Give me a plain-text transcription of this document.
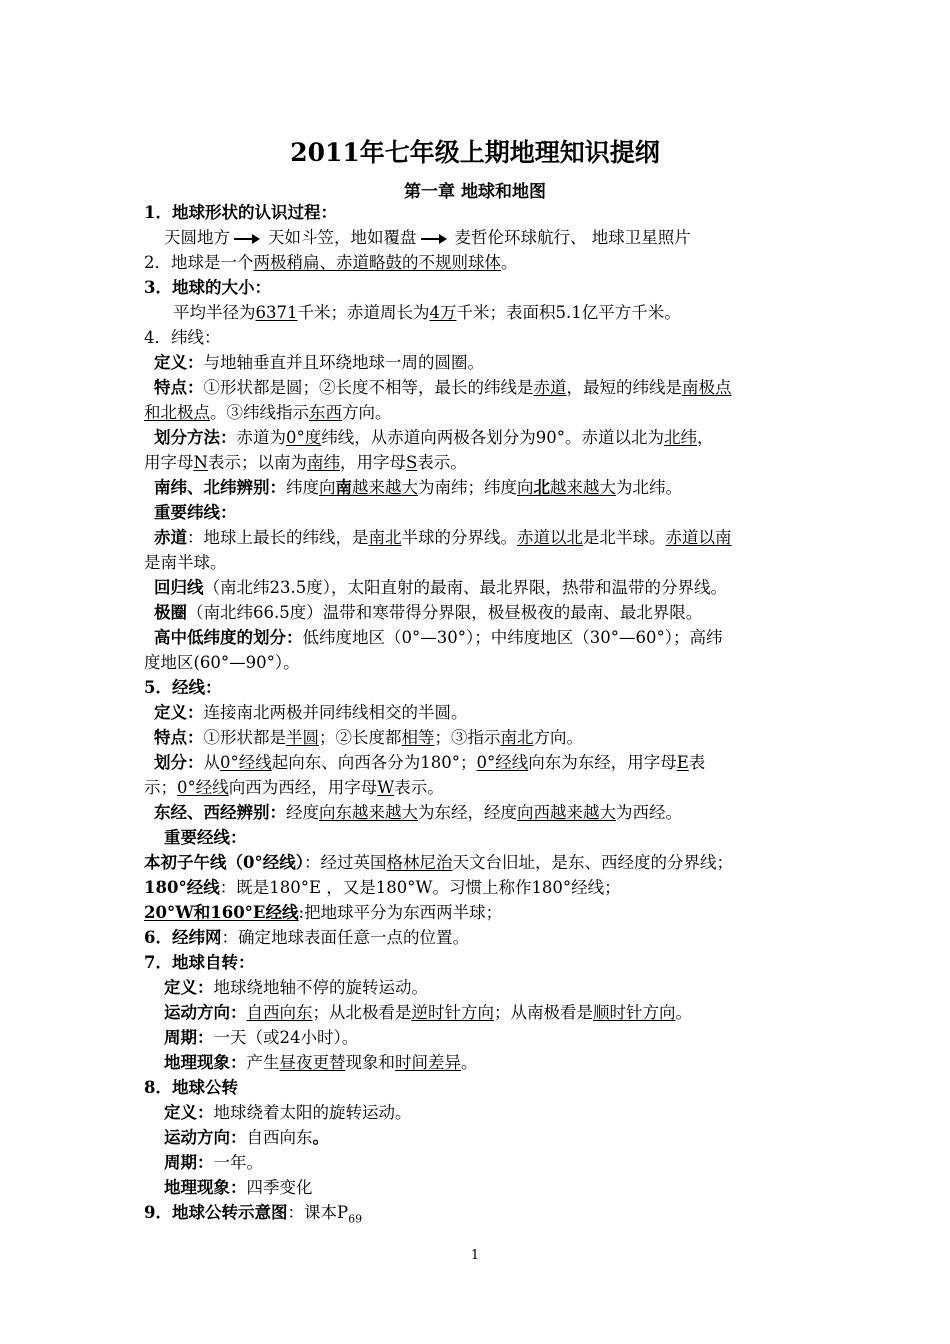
2011年七年级上期地理知识提纲
第一章 地球和地图
1．地球形状的认识过程：
天圆地方 天如斗笠，地如覆盘 麦哲伦环球航行、 地球卫星照片
2．地球是一个两极稍扁、赤道略鼓的不规则球体。
3．地球的大小：
平均半径为6371千米；赤道周长为4万千米；表面积5.1亿平方千米。
4．纬线：
定义：与地轴垂直并且环绕地球一周的圆圈。
特点：①形状都是圆；②长度不相等，最长的纬线是赤道，最短的纬线是南极点
和北极点。③纬线指示东西方向。
划分方法：赤道为0°度纬线，从赤道向两极各划分为90°。赤道以北为北纬，
用字母N表示；以南为南纬，用字母S表示。
南纬、北纬辨别：纬度向南越来越大为南纬；纬度向北越来越大为北纬。
重要纬线：
赤道：地球上最长的纬线，是南北半球的分界线。赤道以北是北半球。赤道以南
是南半球。
回归线（南北纬23.5度），太阳直射的最南、最北界限，热带和温带的分界线。
极圈（南北纬66.5度）温带和寒带得分界限，极昼极夜的最南、最北界限。
高中低纬度的划分：低纬度地区（0°—30°）；中纬度地区（30°—60°）；高纬
度地区(60°—90°）。
5．经线：
定义：连接南北两极并同纬线相交的半圆。
特点：①形状都是半圆；②长度都相等；③指示南北方向。
划分：从0°经线起向东、向西各分为180°；0°经线向东为东经，用字母E表
示；0°经线向西为西经，用字母W表示。
东经、西经辨别：经度向东越来越大为东经，经度向西越来越大为西经。
重要经线：
本初子午线（0°经线）：经过英国格林尼治天文台旧址，是东、西经度的分界线；
180°经线：既是180°E ，又是180°W。习惯上称作180°经线；
20°W和160°E经线:把地球平分为东西两半球；
6．经纬网：确定地球表面任意一点的位置。
7．地球自转：
定义：地球绕地轴不停的旋转运动。
运动方向：自西向东；从北极看是逆时针方向；从南极看是顺时针方向。
周期：一天（或24小时）。
地理现象：产生昼夜更替现象和时间差异。
8．地球公转
定义：地球绕着太阳的旋转运动。
运动方向：自西向东。
周期：一年。
地理现象：四季变化
9．地球公转示意图：课本$P_{69}$
1
